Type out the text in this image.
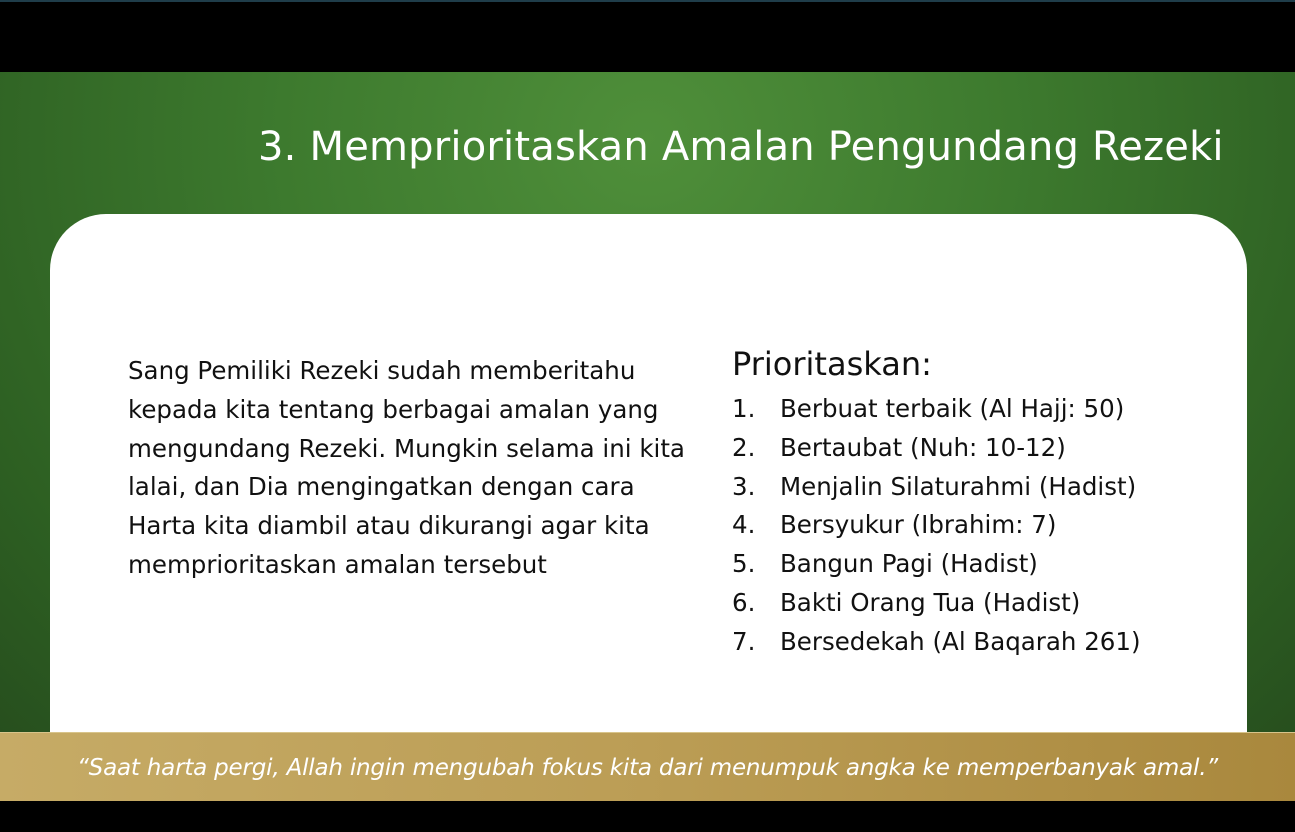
3. Memprioritaskan Amalan Pengundang Rezeki

Sang Pemiliki Rezeki sudah memberitahu kepada kita tentang berbagai amalan yang mengundang Rezeki. Mungkin selama ini kita lalai, dan Dia mengingatkan dengan cara Harta kita diambil atau dikurangi agar kita memprioritaskan amalan tersebut

Prioritaskan:
1.	Berbuat terbaik (Al Hajj: 50)
2.	Bertaubat (Nuh: 10-12)
3.	Menjalin Silaturahmi (Hadist)
4.	Bersyukur (Ibrahim: 7)
5.	Bangun Pagi (Hadist)
6.	Bakti Orang Tua (Hadist)
7.	Bersedekah (Al Baqarah 261)
“Saat harta pergi, Allah ingin mengubah fokus kita dari menumpuk angka ke memperbanyak amal.”
